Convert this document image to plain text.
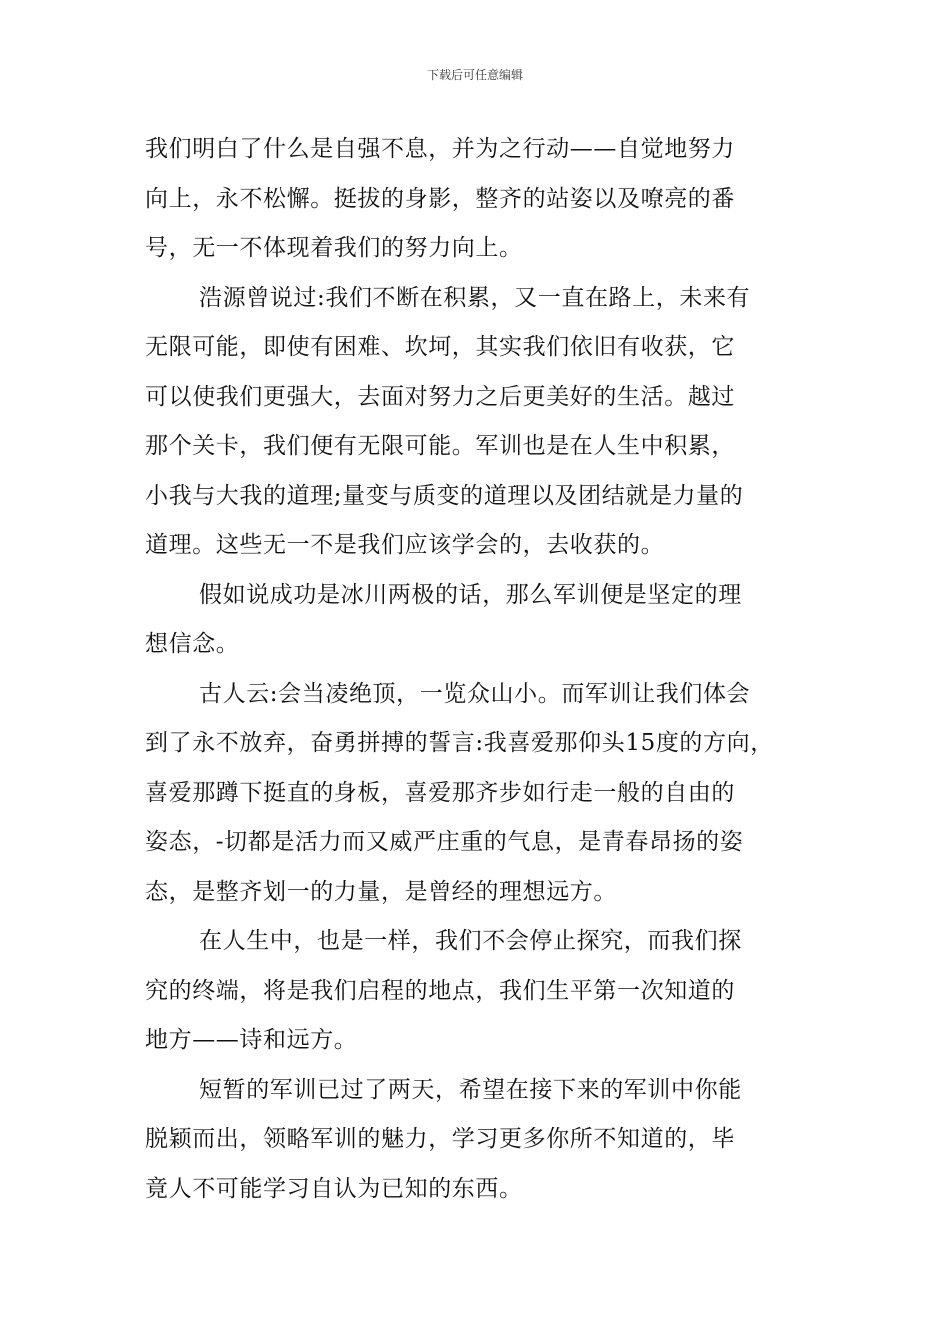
下载后可任意编辑
我们明白了什么是自强不息，并为之行动——自觉地努力
向上，永不松懈。挺拔的身影，整齐的站姿以及嘹亮的番
号，无一不体现着我们的努力向上。
浩源曾说过:我们不断在积累，又一直在路上，未来有
无限可能，即使有困难、坎坷，其实我们依旧有收获，它
可以使我们更强大，去面对努力之后更美好的生活。越过
那个关卡，我们便有无限可能。军训也是在人生中积累，
小我与大我的道理;量变与质变的道理以及团结就是力量的
道理。这些无一不是我们应该学会的，去收获的。
假如说成功是冰川两极的话，那么军训便是坚定的理
想信念。
古人云:会当凌绝顶，一览众山小。而军训让我们体会
到了永不放弃，奋勇拼搏的誓言:我喜爱那仰头15度的方向，
喜爱那蹲下挺直的身板，喜爱那齐步如行走一般的自由的
姿态，-切都是活力而又威严庄重的气息，是青春昂扬的姿
态，是整齐划一的力量，是曾经的理想远方。
在人生中，也是一样，我们不会停止探究，而我们探
究的终端，将是我们启程的地点，我们生平第一次知道的
地方——诗和远方。
短暂的军训已过了两天，希望在接下来的军训中你能
脱颖而出，领略军训的魅力，学习更多你所不知道的，毕
竟人不可能学习自认为已知的东西。
